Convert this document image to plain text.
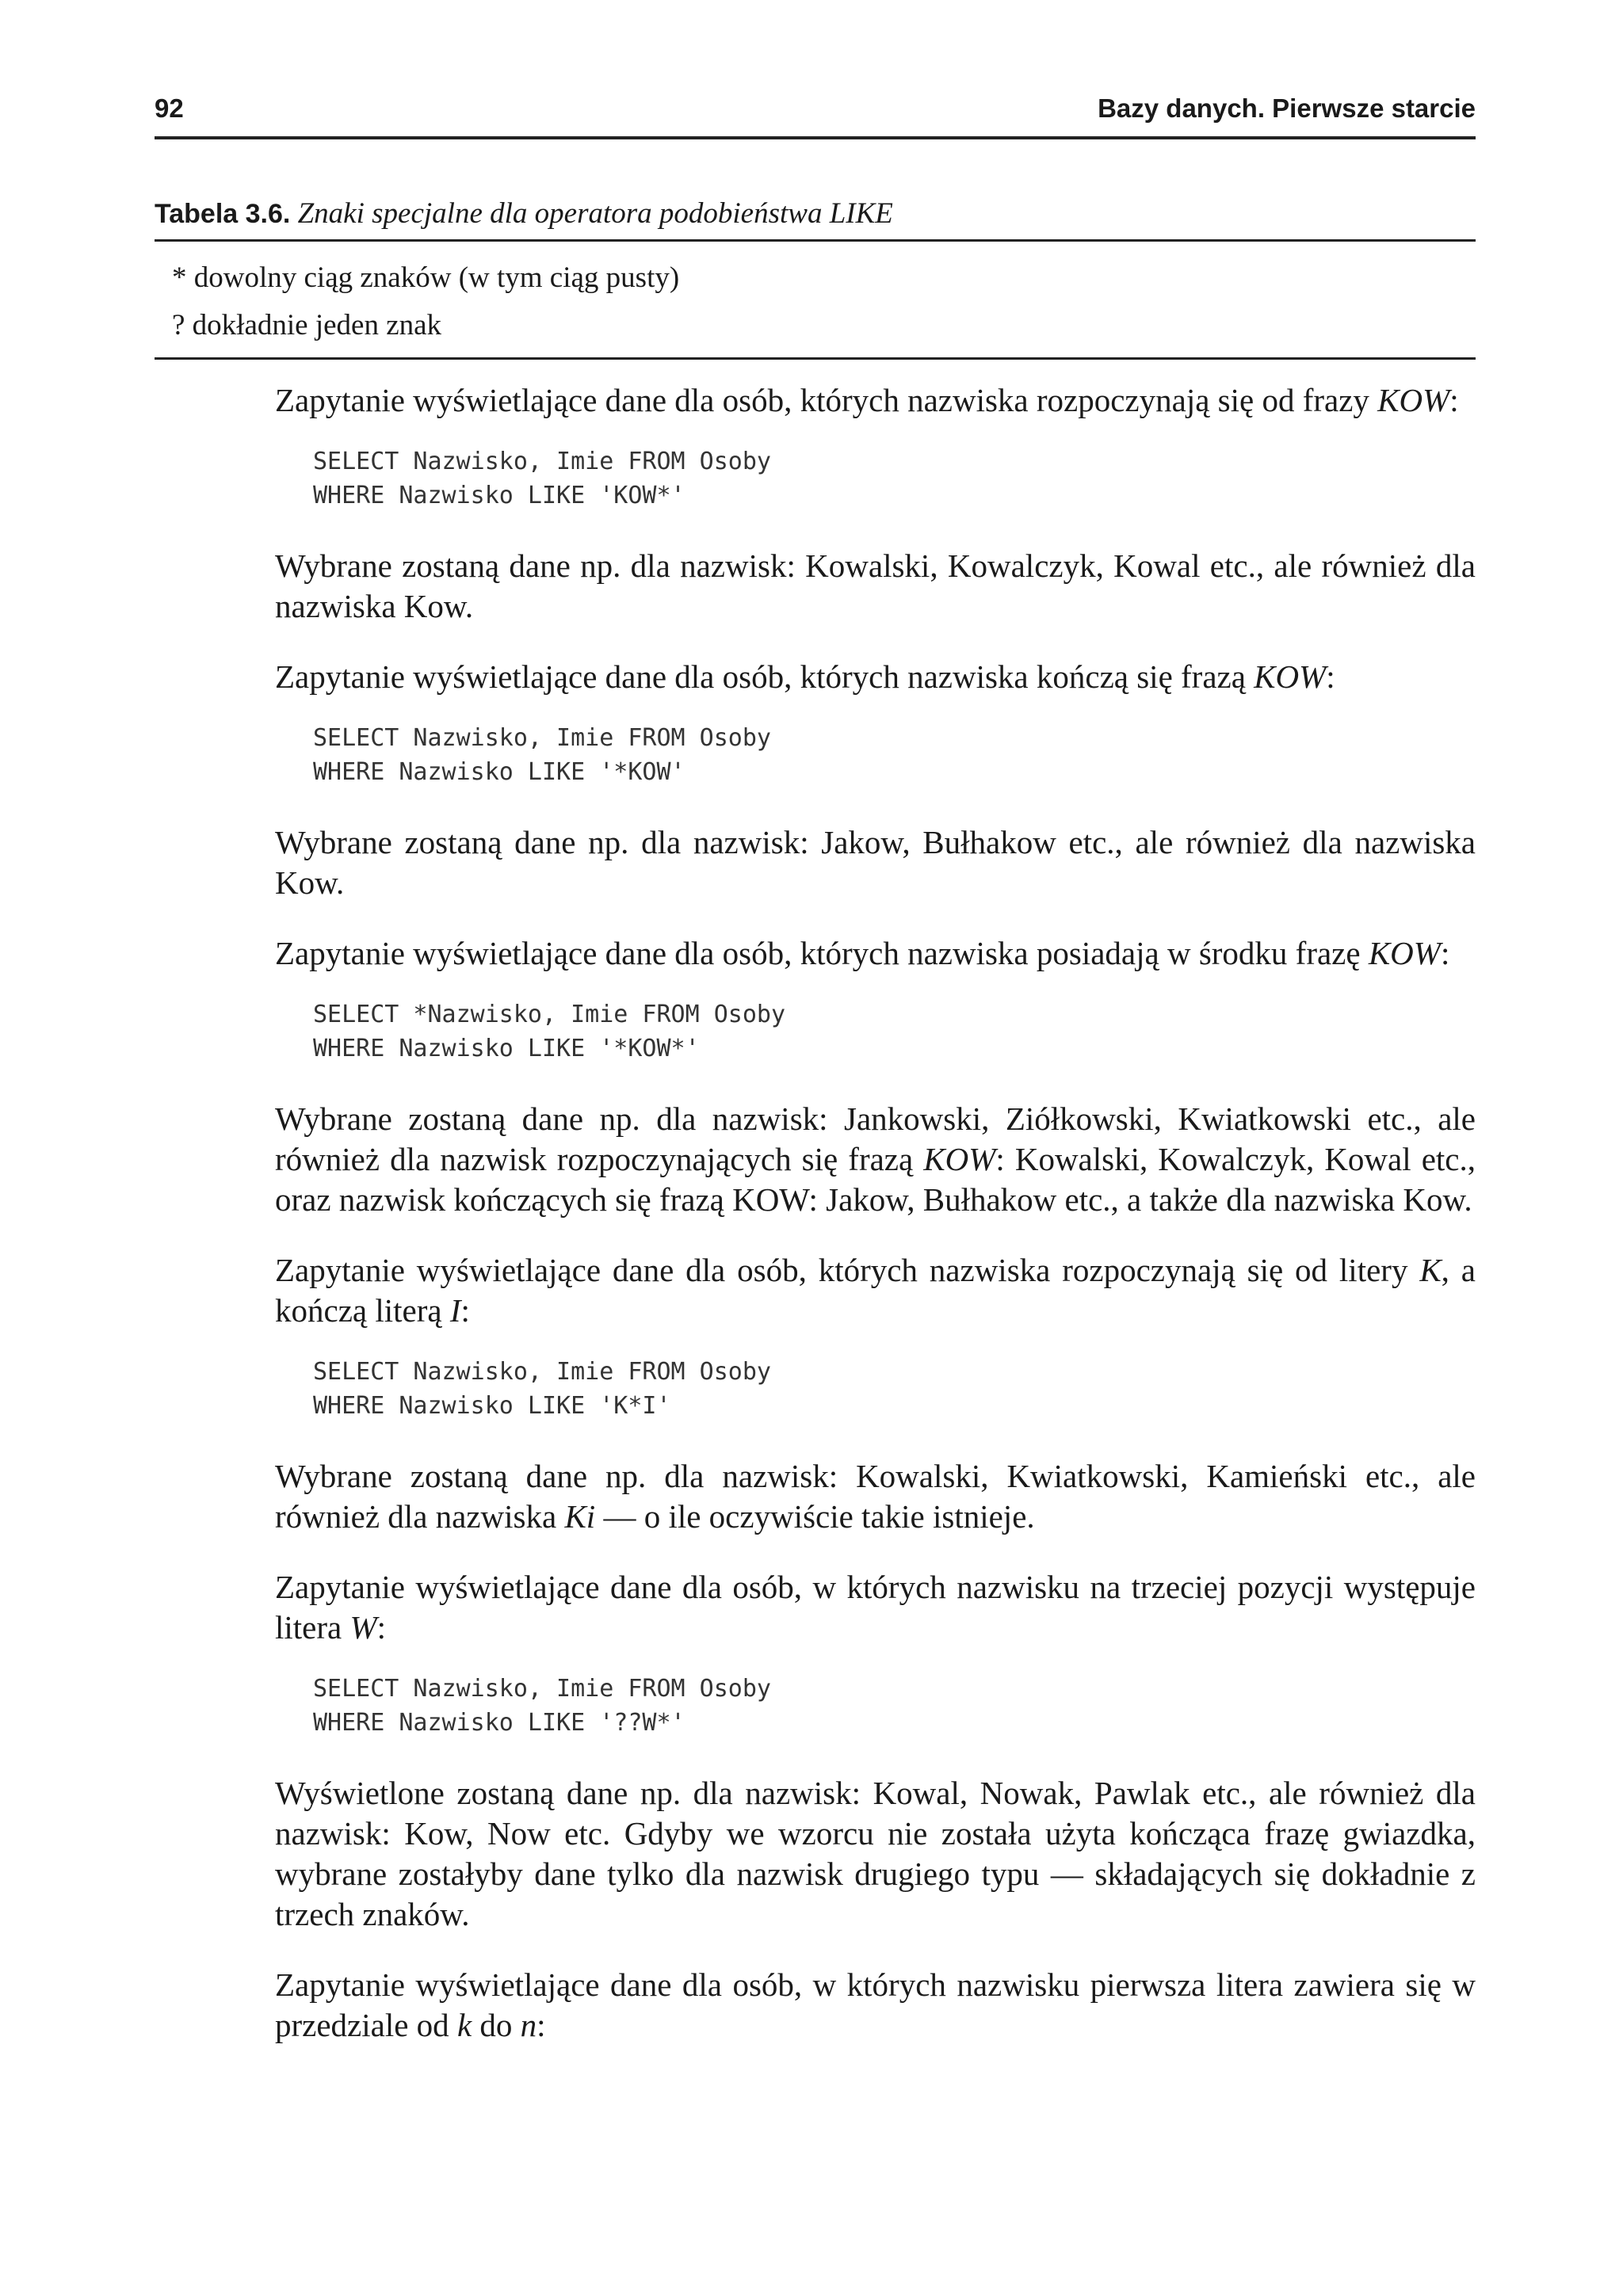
92	Bazy danych. Pierwsze starcie
Tabela 3.6. Znaki specjalne dla operatora podobieństwa LIKE
* dowolny ciąg znaków (w tym ciąg pusty)
? dokładnie jeden znak

Zapytanie wyświetlające dane dla osób, których nazwiska rozpoczynają się od frazy KOW:

SELECT Nazwisko, Imie FROM Osoby
WHERE Nazwisko LIKE 'KOW*'

Wybrane zostaną dane np. dla nazwisk: Kowalski, Kowalczyk, Kowal etc., ale również dla nazwiska Kow.

Zapytanie wyświetlające dane dla osób, których nazwiska kończą się frazą KOW:

SELECT Nazwisko, Imie FROM Osoby
WHERE Nazwisko LIKE '*KOW'

Wybrane zostaną dane np. dla nazwisk: Jakow, Bułhakow etc., ale również dla nazwiska Kow.

Zapytanie wyświetlające dane dla osób, których nazwiska posiadają w środku frazę KOW:

SELECT *Nazwisko, Imie FROM Osoby
WHERE Nazwisko LIKE '*KOW*'

Wybrane zostaną dane np. dla nazwisk: Jankowski, Ziółkowski, Kwiatkowski etc., ale również dla nazwisk rozpoczynających się frazą KOW: Kowalski, Kowalczyk, Kowal etc., oraz nazwisk kończących się frazą KOW: Jakow, Bułhakow etc., a także dla nazwiska Kow.

Zapytanie wyświetlające dane dla osób, których nazwiska rozpoczynają się od litery K, a kończą literą I:

SELECT Nazwisko, Imie FROM Osoby
WHERE Nazwisko LIKE 'K*I'

Wybrane zostaną dane np. dla nazwisk: Kowalski, Kwiatkowski, Kamieński etc., ale również dla nazwiska Ki — o ile oczywiście takie istnieje.

Zapytanie wyświetlające dane dla osób, w których nazwisku na trzeciej pozycji występuje litera W:

SELECT Nazwisko, Imie FROM Osoby
WHERE Nazwisko LIKE '??W*'

Wyświetlone zostaną dane np. dla nazwisk: Kowal, Nowak, Pawlak etc., ale również dla nazwisk: Kow, Now etc. Gdyby we wzorcu nie została użyta kończąca frazę gwiazdka, wybrane zostałyby dane tylko dla nazwisk drugiego typu — składających się dokładnie z trzech znaków.

Zapytanie wyświetlające dane dla osób, w których nazwisku pierwsza litera zawiera się w przedziale od k do n:
